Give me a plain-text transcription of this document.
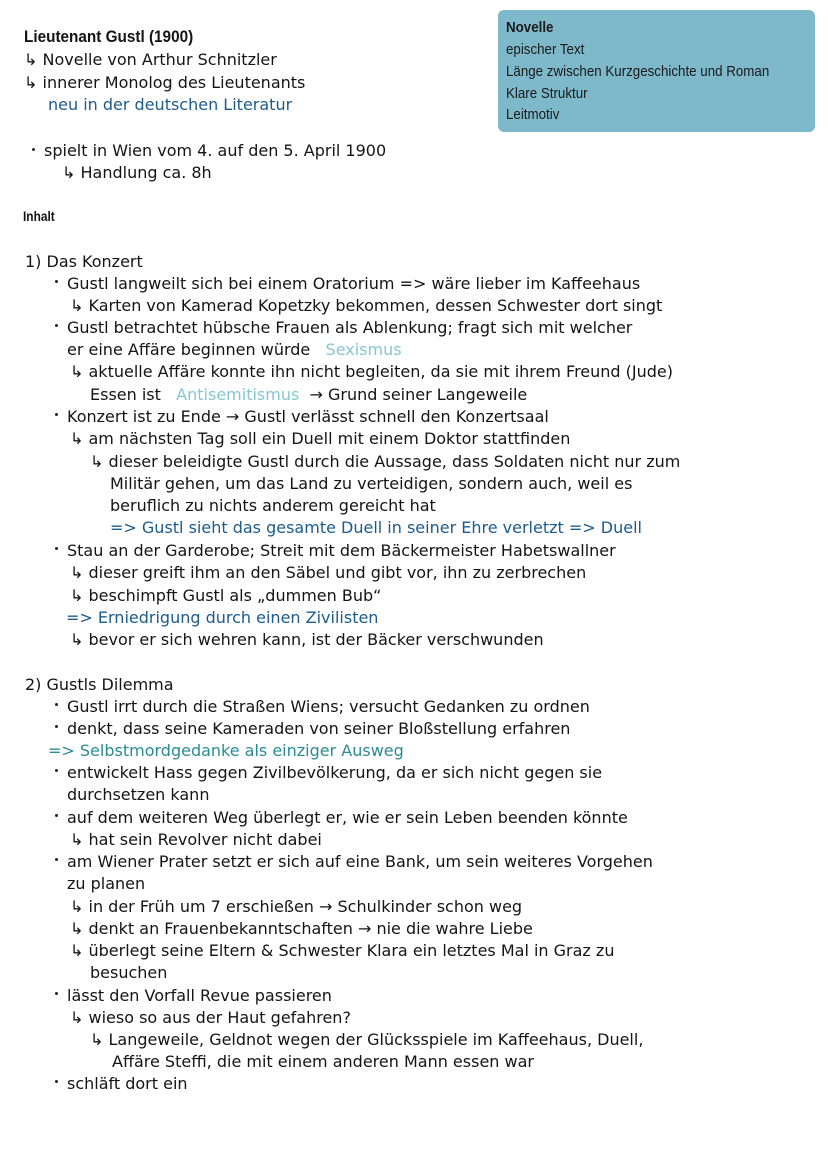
Lieutenant Gustl (1900)
↳ Novelle von Arthur Schnitzler
↳ innerer Monolog des Lieutenants
neu in der deutschen Literatur
spielt in Wien vom 4. auf den 5. April 1900
↳ Handlung ca. 8h
Novelle
epischer Text
Länge zwischen Kurzgeschichte und Roman
Klare Struktur
Leitmotiv
Inhalt
1) Das Konzert
Gustl langweilt sich bei einem Oratorium => wäre lieber im Kaffeehaus
↳ Karten von Kamerad Kopetzky bekommen, dessen Schwester dort singt
Gustl betrachtet hübsche Frauen als Ablenkung; fragt sich mit welcher
er eine Affäre beginnen würde Sexismus
↳ aktuelle Affäre konnte ihn nicht begleiten, da sie mit ihrem Freund (Jude)
Essen ist Antisemitismus → Grund seiner Langeweile
Konzert ist zu Ende → Gustl verlässt schnell den Konzertsaal
↳ am nächsten Tag soll ein Duell mit einem Doktor stattfinden
↳ dieser beleidigte Gustl durch die Aussage, dass Soldaten nicht nur zum
Militär gehen, um das Land zu verteidigen, sondern auch, weil es
beruflich zu nichts anderem gereicht hat
=> Gustl sieht das gesamte Duell in seiner Ehre verletzt => Duell
Stau an der Garderobe; Streit mit dem Bäckermeister Habetswallner
↳ dieser greift ihm an den Säbel und gibt vor, ihn zu zerbrechen
↳ beschimpft Gustl als „dummen Bub“
=> Erniedrigung durch einen Zivilisten
↳ bevor er sich wehren kann, ist der Bäcker verschwunden
2) Gustls Dilemma
Gustl irrt durch die Straßen Wiens; versucht Gedanken zu ordnen
denkt, dass seine Kameraden von seiner Bloßstellung erfahren
=> Selbstmordgedanke als einziger Ausweg
entwickelt Hass gegen Zivilbevölkerung, da er sich nicht gegen sie
durchsetzen kann
auf dem weiteren Weg überlegt er, wie er sein Leben beenden könnte
↳ hat sein Revolver nicht dabei
am Wiener Prater setzt er sich auf eine Bank, um sein weiteres Vorgehen
zu planen
↳ in der Früh um 7 erschießen → Schulkinder schon weg
↳ denkt an Frauenbekanntschaften → nie die wahre Liebe
↳ überlegt seine Eltern & Schwester Klara ein letztes Mal in Graz zu
besuchen
lässt den Vorfall Revue passieren
↳ wieso so aus der Haut gefahren?
↳ Langeweile, Geldnot wegen der Glücksspiele im Kaffeehaus, Duell,
Affäre Steffi, die mit einem anderen Mann essen war
schläft dort ein
